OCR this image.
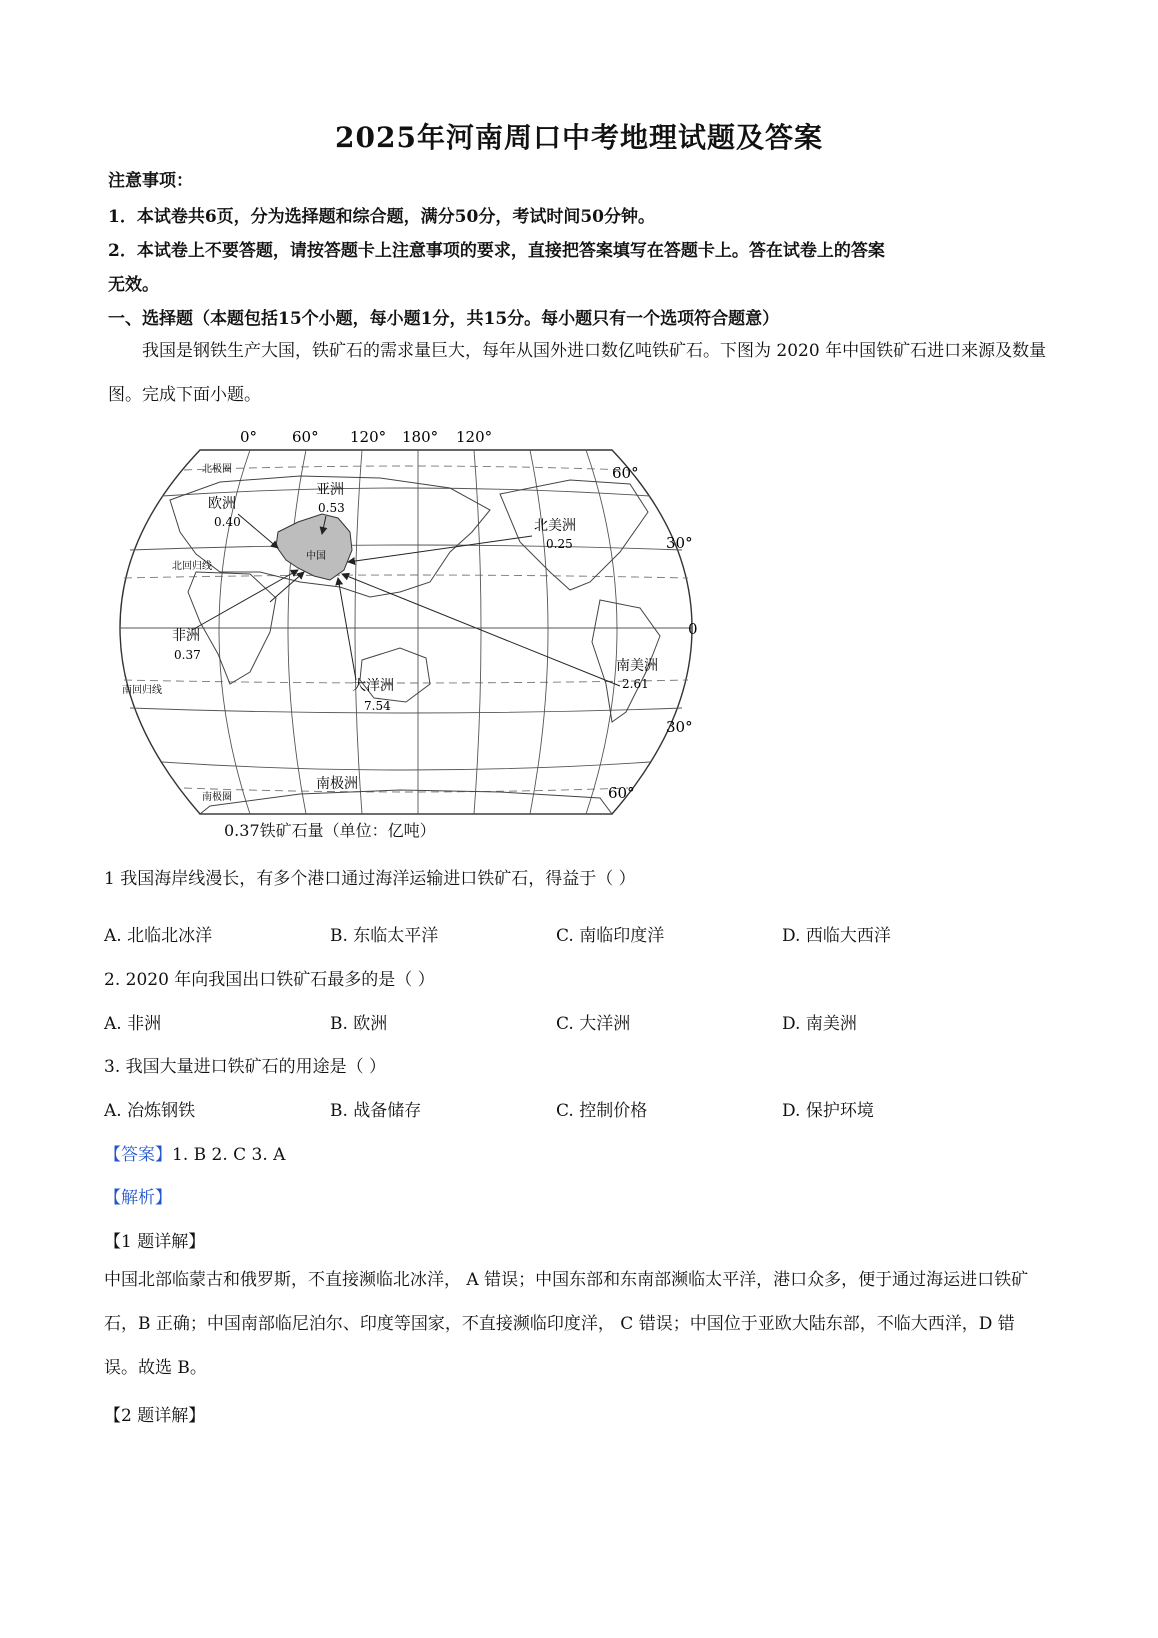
2025年河南周口中考地理试题及答案
注意事项：
1．本试卷共6页，分为选择题和综合题，满分50分，考试时间50分钟。
2．本试卷上不要答题，请按答题卡上注意事项的要求，直接把答案填写在答题卡上。答在试卷上的答案
无效。
一、选择题（本题包括15个小题，每小题1分，共15分。每小题只有一个选项符合题意）
我国是钢铁生产大国，铁矿石的需求量巨大，每年从国外进口数亿吨铁矿石。下图为 2020 年中国铁矿石进口来源及数量图。完成下面小题。
0° 60° 120° 180° 120°
中国
北极圈
北回归线
南回归线
南极圈
60°
30°
0
30°
60°
欧洲
0.40
亚洲
0.53
北美洲
0.25
非洲
0.37
大洋洲
7.54
南美洲
2.61
南极洲
0.37铁矿石量（单位：亿吨）
1 我国海岸线漫长，有多个港口通过海洋运输进口铁矿石，得益于（ ）
A. 北临北冰洋	B. 东临太平洋	C. 南临印度洋	D. 西临大西洋
2. 2020 年向我国出口铁矿石最多的是（ ）
A. 非洲	B. 欧洲	C. 大洋洲	D. 南美洲
3. 我国大量进口铁矿石的用途是（ ）
A. 冶炼钢铁	B. 战备储存	C. 控制价格	D. 保护环境
【答案】1. B 2. C 3. A
【解析】
【1 题详解】
中国北部临蒙古和俄罗斯，不直接濒临北冰洋， A 错误；中国东部和东南部濒临太平洋，港口众多，便于通过海运进口铁矿石，B 正确；中国南部临尼泊尔、印度等国家，不直接濒临印度洋， C 错误；中国位于亚欧大陆东部，不临大西洋，D 错误。故选 B。
【2 题详解】
